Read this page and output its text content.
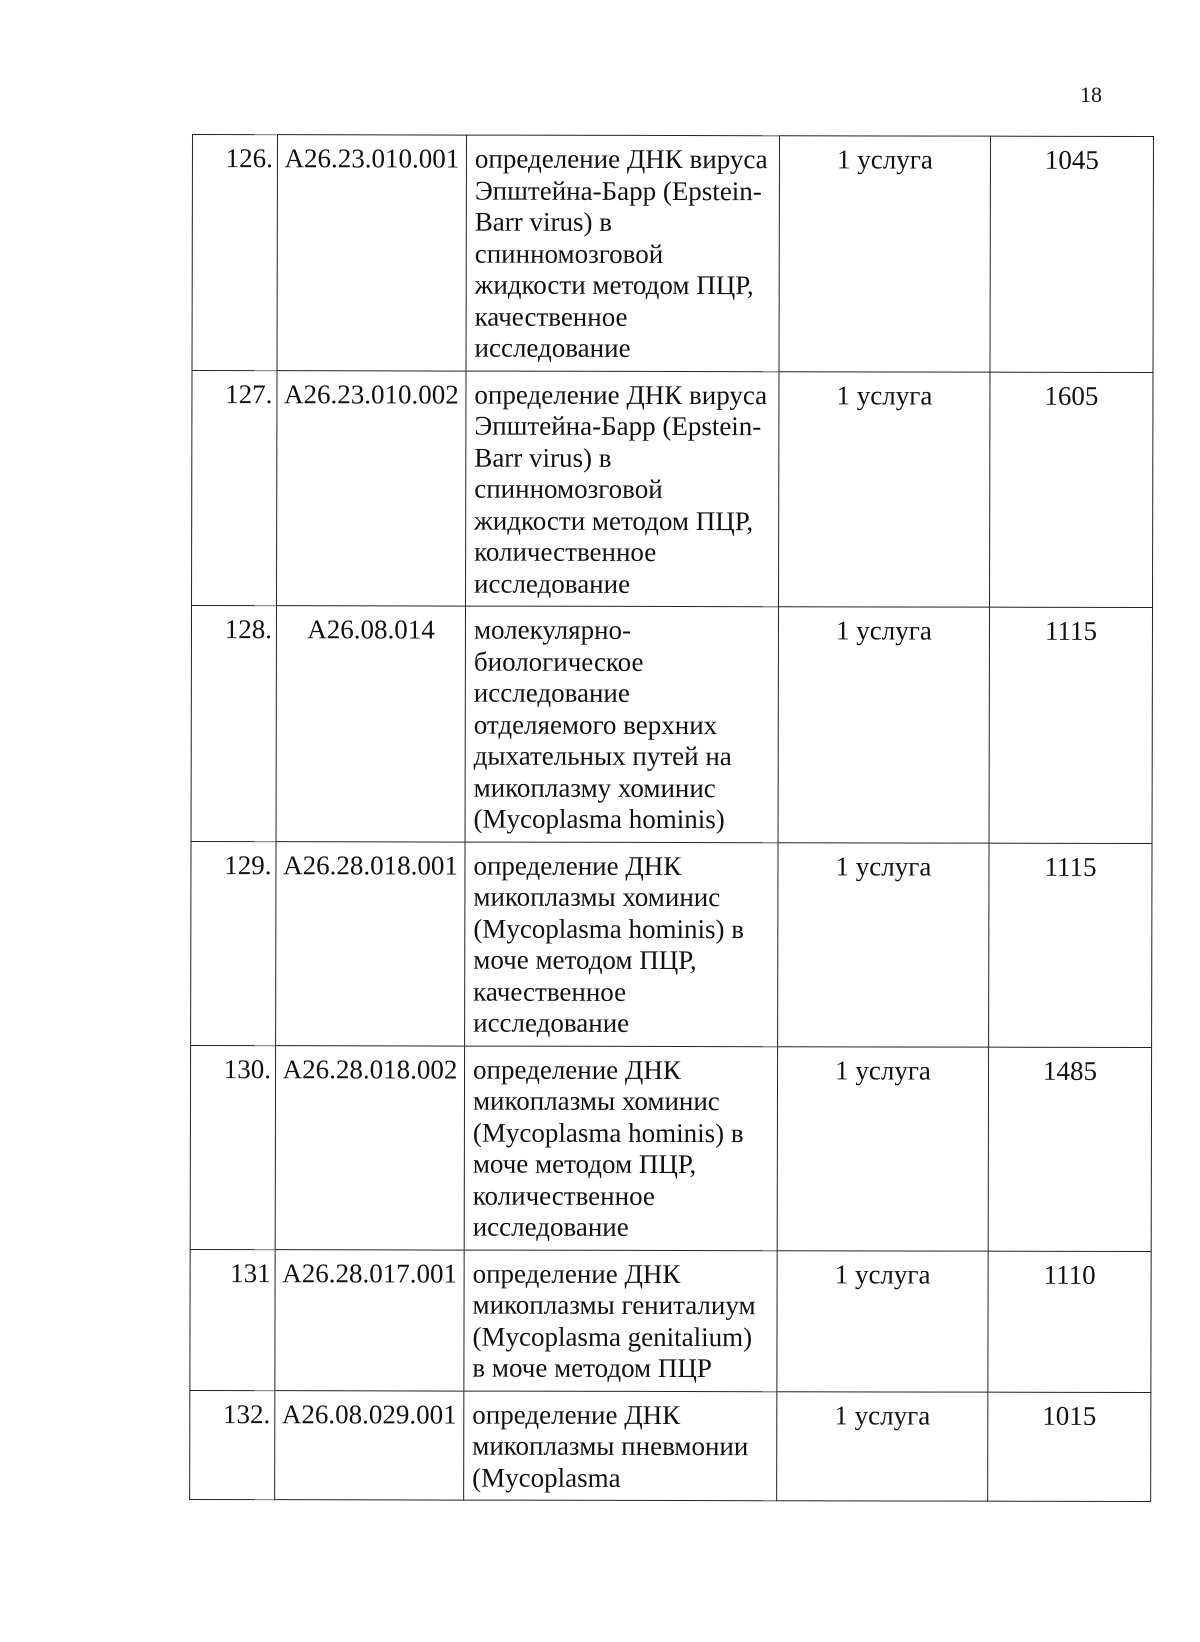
18
126.	A26.23.010.001	определение ДНК вируса Эпштейна-Барр (Epstein-Barr virus) в спинномозговой жидкости методом ПЦР, качественное исследование	1 услуга	1045
127.	A26.23.010.002	определение ДНК вируса Эпштейна-Барр (Epstein-Barr virus) в спинномозговой жидкости методом ПЦР, количественное исследование	1 услуга	1605
128.	A26.08.014	молекулярно-биологическое исследование отделяемого верхних дыхательных путей на микоплазму хоминис (Mycoplasma hominis)	1 услуга	1115
129.	A26.28.018.001	определение ДНК микоплазмы хоминис (Mycoplasma hominis) в моче методом ПЦР, качественное исследование	1 услуга	1115
130.	A26.28.018.002	определение ДНК микоплазмы хоминис (Mycoplasma hominis) в моче методом ПЦР, количественное исследование	1 услуга	1485
131	A26.28.017.001	определение ДНК микоплазмы гениталиум (Mycoplasma genitalium) в моче методом ПЦР	1 услуга	1110
132.	A26.08.029.001	определение ДНК микоплазмы пневмонии (Mycoplasma	1 услуга	1015
